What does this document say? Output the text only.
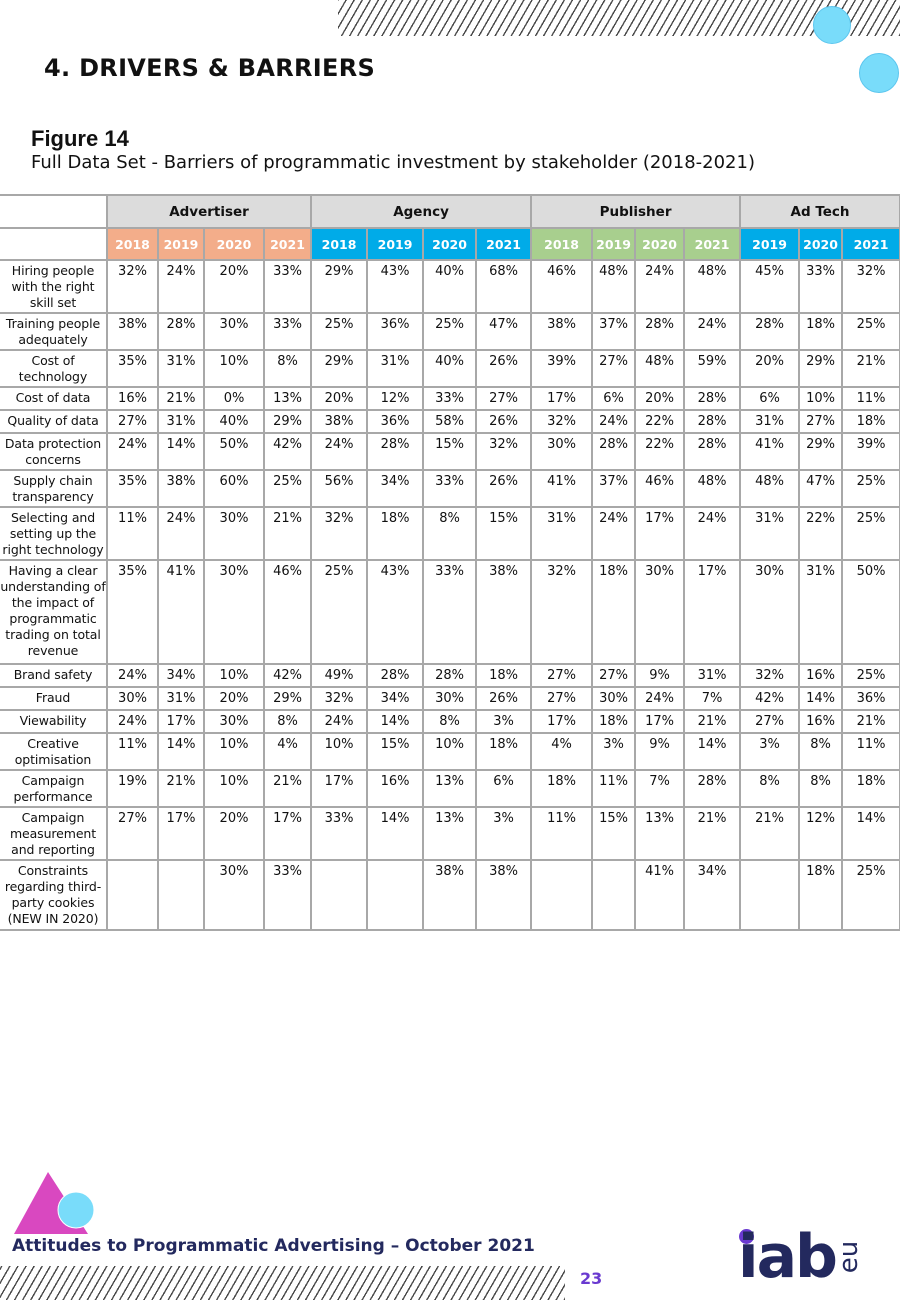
4. DRIVERS & BARRIERS
Figure 14
Full Data Set - Barriers of programmatic investment by stakeholder (2018-2021)
	Advertiser				Agency				Publisher				Ad Tech		
	2018	2019	2020	2021	2018	2019	2020	2021	2018	2019	2020	2021	2019	2020	2021
Hiring people with the right skill set	32%	24%	20%	33%	29%	43%	40%	68%	46%	48%	24%	48%	45%	33%	32%
Training people adequately	38%	28%	30%	33%	25%	36%	25%	47%	38%	37%	28%	24%	28%	18%	25%
Cost of technology	35%	31%	10%	8%	29%	31%	40%	26%	39%	27%	48%	59%	20%	29%	21%
Cost of data	16%	21%	0%	13%	20%	12%	33%	27%	17%	6%	20%	28%	6%	10%	11%
Quality of data	27%	31%	40%	29%	38%	36%	58%	26%	32%	24%	22%	28%	31%	27%	18%
Data protection concerns	24%	14%	50%	42%	24%	28%	15%	32%	30%	28%	22%	28%	41%	29%	39%
Supply chain transparency	35%	38%	60%	25%	56%	34%	33%	26%	41%	37%	46%	48%	48%	47%	25%
Selecting and setting up the right technology	11%	24%	30%	21%	32%	18%	8%	15%	31%	24%	17%	24%	31%	22%	25%
Having a clear understanding of the impact of programmatic trading on total revenue	35%	41%	30%	46%	25%	43%	33%	38%	32%	18%	30%	17%	30%	31%	50%
Brand safety	24%	34%	10%	42%	49%	28%	28%	18%	27%	27%	9%	31%	32%	16%	25%
Fraud	30%	31%	20%	29%	32%	34%	30%	26%	27%	30%	24%	7%	42%	14%	36%
Viewability	24%	17%	30%	8%	24%	14%	8%	3%	17%	18%	17%	21%	27%	16%	21%
Creative optimisation	11%	14%	10%	4%	10%	15%	10%	18%	4%	3%	9%	14%	3%	8%	11%
Campaign performance	19%	21%	10%	21%	17%	16%	13%	6%	18%	11%	7%	28%	8%	8%	18%
Campaign measurement and reporting	27%	17%	20%	17%	33%	14%	13%	3%	11%	15%	13%	21%	21%	12%	14%
Constraints regarding third-party cookies (NEW IN 2020)			30%	33%			38%	38%			41%	34%		18%	25%
Attitudes to Programmatic Advertising – October 2021
23 iab
eu
